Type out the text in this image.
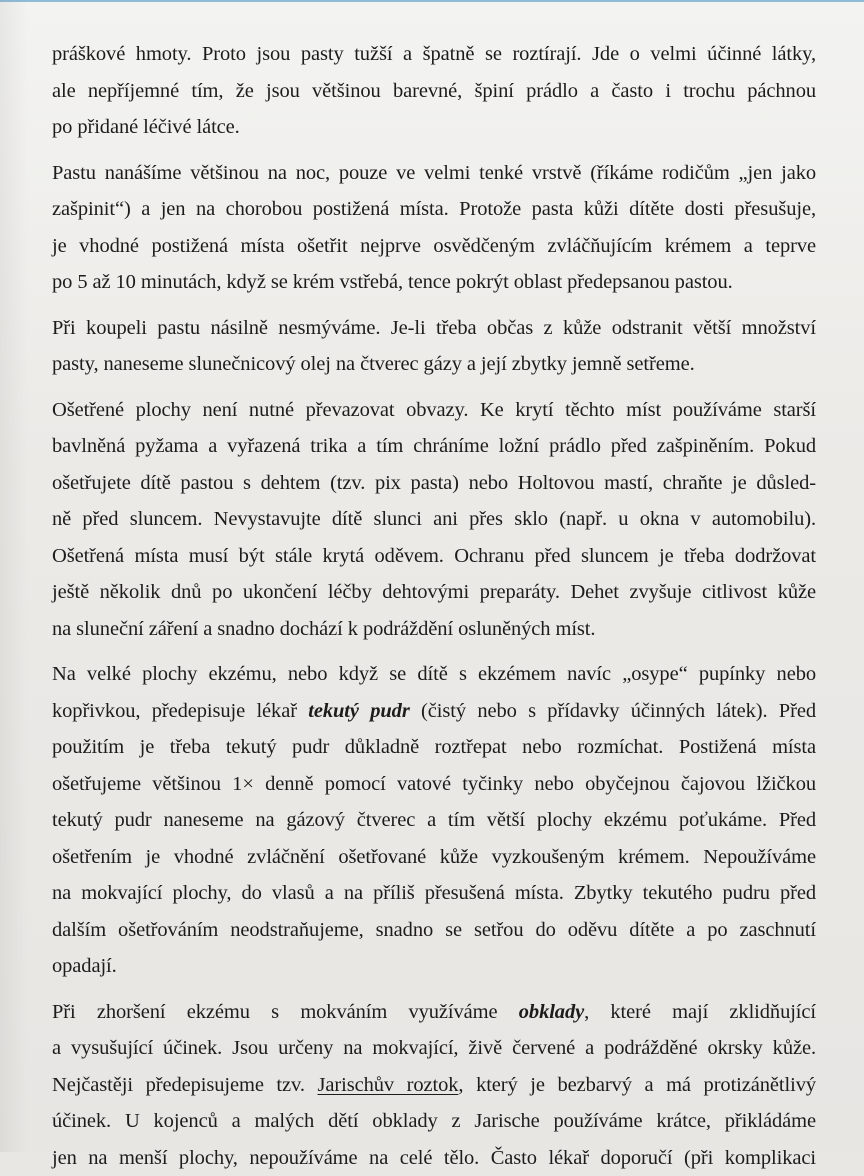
práškové hmoty. Proto jsou pasty tužší a špatně se roztírají. Jde o velmi účinné látky,
ale nepříjemné tím, že jsou většinou barevné, špiní prádlo a často i trochu páchnou
po přidané léčivé látce.
Pastu nanášíme většinou na noc, pouze ve velmi tenké vrstvě (říkáme rodičům „jen jako
zašpinit“) a jen na chorobou postižená místa. Protože pasta kůži dítěte dosti přesušuje,
je vhodné postižená místa ošetřit nejprve osvědčeným zvláčňujícím krémem a teprve
po 5 až 10 minutách, když se krém vstřebá, tence pokrýt oblast předepsanou pastou.
Při koupeli pastu násilně nesmýváme. Je-li třeba občas z kůže odstranit větší množství
pasty, naneseme slunečnicový olej na čtverec gázy a její zbytky jemně setřeme.
Ošetřené plochy není nutné převazovat obvazy. Ke krytí těchto míst používáme starší
bavlněná pyžama a vyřazená trika a tím chráníme ložní prádlo před zašpiněním. Pokud
ošetřujete dítě pastou s dehtem (tzv. pix pasta) nebo Holtovou mastí, chraňte je důsled-
ně před sluncem. Nevystavujte dítě slunci ani přes sklo (např. u okna v automobilu).
Ošetřená místa musí být stále krytá oděvem. Ochranu před sluncem je třeba dodržovat
ještě několik dnů po ukončení léčby dehtovými preparáty. Dehet zvyšuje citlivost kůže
na sluneční záření a snadno dochází k podráždění osluněných míst.
Na velké plochy ekzému, nebo když se dítě s ekzémem navíc „osype“ pupínky nebo
kopřivkou, předepisuje lékař tekutý pudr (čistý nebo s přídavky účinných látek). Před
použitím je třeba tekutý pudr důkladně roztřepat nebo rozmíchat. Postižená místa
ošetřujeme většinou 1× denně pomocí vatové tyčinky nebo obyčejnou čajovou lžičkou
tekutý pudr naneseme na gázový čtverec a tím větší plochy ekzému poťukáme. Před
ošetřením je vhodné zvláčnění ošetřované kůže vyzkoušeným krémem. Nepoužíváme
na mokvající plochy, do vlasů a na příliš přesušená místa. Zbytky tekutého pudru před
dalším ošetřováním neodstraňujeme, snadno se setřou do oděvu dítěte a po zaschnutí
opadají.
Při zhoršení ekzému s mokváním využíváme obklady, které mají zklidňující
a vysušující účinek. Jsou určeny na mokvající, živě červené a podrážděné okrsky kůže.
Nejčastěji předepisujeme tzv. Jarischův roztok, který je bezbarvý a má protizánětlivý
účinek. U kojenců a malých dětí obklady z Jarische používáme krátce, přikládáme
jen na menší plochy, nepoužíváme na celé tělo. Často lékař doporučí (při komplikaci
